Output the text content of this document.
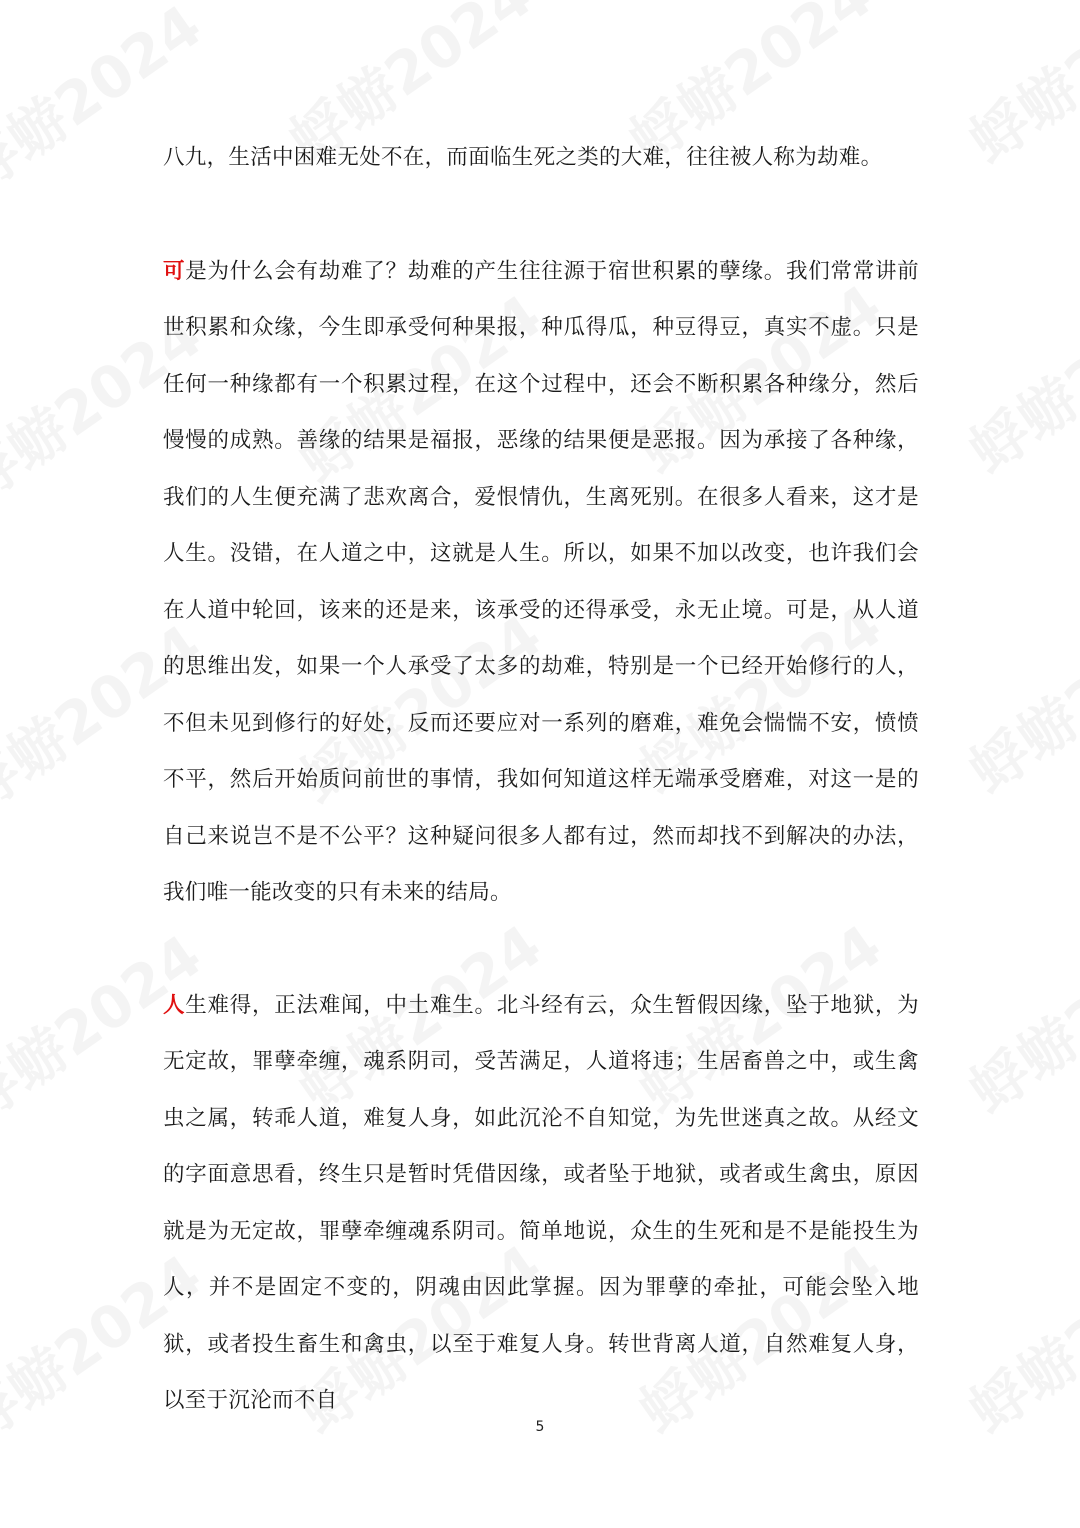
八九，生活中困难无处不在，而面临生死之类的大难，往往被人称为劫难。

可是为什么会有劫难了？劫难的产生往往源于宿世积累的孽缘。我们常常讲前世积累和众缘，今生即承受何种果报，种瓜得瓜，种豆得豆，真实不虚。只是任何一种缘都有一个积累过程，在这个过程中，还会不断积累各种缘分，然后慢慢的成熟。善缘的结果是福报，恶缘的结果便是恶报。因为承接了各种缘，我们的人生便充满了悲欢离合，爱恨情仇，生离死别。在很多人看来，这才是人生。没错，在人道之中，这就是人生。所以，如果不加以改变，也许我们会在人道中轮回，该来的还是来，该承受的还得承受，永无止境。可是，从人道的思维出发，如果一个人承受了太多的劫难，特别是一个已经开始修行的人，不但未见到修行的好处，反而还要应对一系列的磨难，难免会惴惴不安，愤愤不平，然后开始质问前世的事情，我如何知道这样无端承受磨难，对这一是的自己来说岂不是不公平？这种疑问很多人都有过，然而却找不到解决的办法，我们唯一能改变的只有未来的结局。

人生难得，正法难闻，中土难生。北斗经有云，众生暂假因缘，坠于地狱，为无定故，罪孽牵缠，魂系阴司，受苦满足，人道将违；生居畜兽之中，或生禽虫之属，转乖人道，难复人身，如此沉沦不自知觉，为先世迷真之故。从经文的字面意思看，终生只是暂时凭借因缘，或者坠于地狱，或者或生禽虫，原因就是为无定故，罪孽牵缠魂系阴司。简单地说，众生的生死和是不是能投生为人，并不是固定不变的，阴魂由因此掌握。因为罪孽的牵扯，可能会坠入地狱，或者投生畜生和禽虫，以至于难复人身。转世背离人道，自然难复人身，以至于沉沦而不自

5
